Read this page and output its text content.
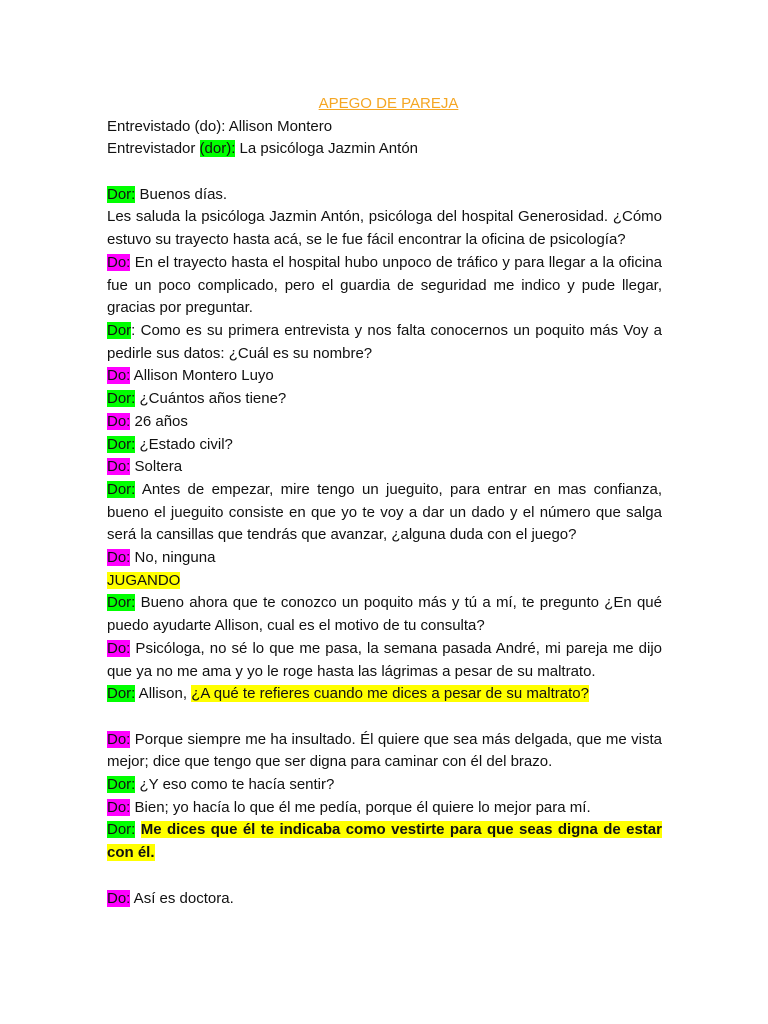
APEGO DE PAREJA
Entrevistado (do): Allison Montero
Entrevistador (dor): La psicóloga Jazmin Antón
Dor: Buenos días.
Les saluda la psicóloga Jazmin Antón, psicóloga del hospital Generosidad. ¿Cómo estuvo su trayecto hasta acá, se le fue fácil encontrar la oficina de psicología?
Do: En el trayecto hasta el hospital hubo unpoco de tráfico y para llegar a la oficina fue un poco complicado, pero el guardia de seguridad me indico y pude llegar, gracias por preguntar.
Dor: Como es su primera entrevista y nos falta conocernos un poquito más Voy a pedirle sus datos: ¿Cuál es su nombre?
Do: Allison Montero Luyo
Dor: ¿Cuántos años tiene?
Do: 26 años
Dor: ¿Estado civil?
Do: Soltera
Dor: Antes de empezar, mire tengo un jueguito, para entrar en mas confianza, bueno el jueguito consiste en que yo te voy a dar un dado y el número que salga será la cansillas que tendrás que avanzar, ¿alguna duda con el juego?
Do: No, ninguna
JUGANDO
Dor: Bueno ahora que te conozco un poquito más y tú a mí, te pregunto ¿En qué puedo ayudarte Allison, cual es el motivo de tu consulta?
Do: Psicóloga, no sé lo que me pasa, la semana pasada André, mi pareja me dijo que ya no me ama y yo le roge hasta las lágrimas a pesar de su maltrato.
Dor: Allison, ¿A qué te refieres cuando me dices a pesar de su maltrato?
Do: Porque siempre me ha insultado. Él quiere que sea más delgada, que me vista mejor; dice que tengo que ser digna para caminar con él del brazo.
Dor: ¿Y eso como te hacía sentir?
Do: Bien; yo hacía lo que él me pedía, porque él quiere lo mejor para mí.
Dor: Me dices que él te indicaba como vestirte para que seas digna de estar con él.
Do: Así es doctora.
